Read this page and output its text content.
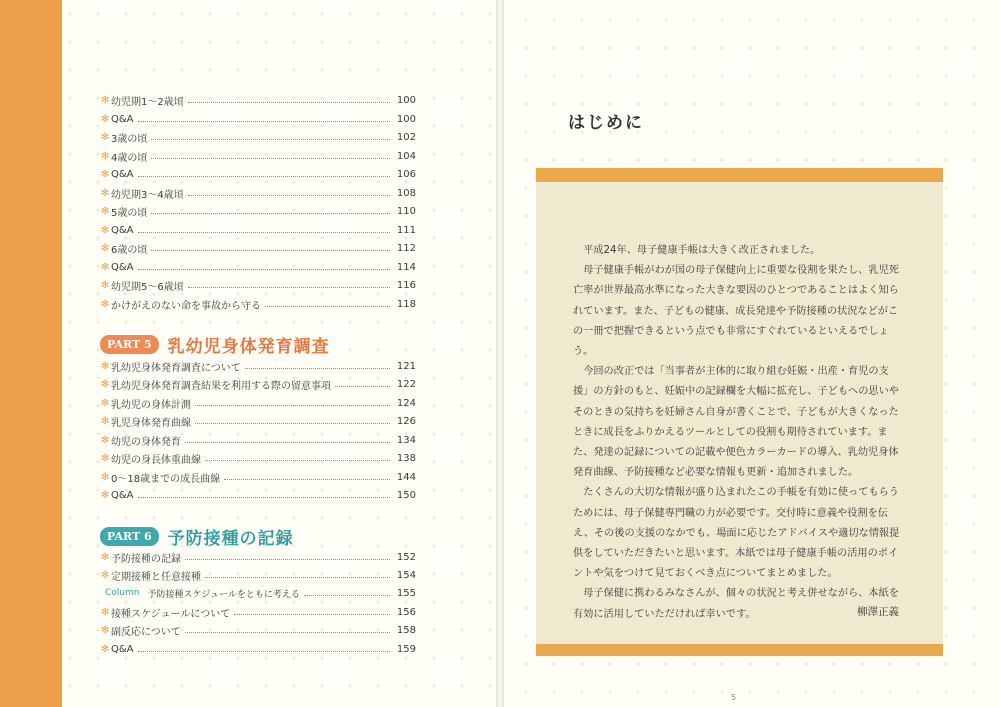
✻ 幼児期1～2歳頃	100
✻ Q&A	100
✻ 3歳の頃	102
✻ 4歳の頃	104
✻ Q&A	106
✻ 幼児期3～4歳頃	108
✻ 5歳の頃	110
✻ Q&A	111
✻ 6歳の頃	112
✻ Q&A	114
✻ 幼児期5～6歳頃	116
✻ かけがえのない命を事故から守る	118
PART 5 乳幼児身体発育調査
✻ 乳幼児身体発育調査について	121
✻ 乳幼児身体発育調査結果を利用する際の留意事項	122
✻ 乳幼児の身体計測	124
✻ 乳児身体発育曲線	126
✻ 幼児の身体発育	134
✻ 幼児の身長体重曲線	138
✻ 0～18歳までの成長曲線	144
✻ Q&A	150
PART 6 予防接種の記録
✻ 予防接種の記録	152
✻ 定期接種と任意接種	154
Column 予防接種スケジュールをともに考える	155
✻ 接種スケジュールについて	156
✻ 副反応について	158
✻ Q&A	159
はじめに

平成24年、母子健康手帳は大きく改正されました。

母子健康手帳がわが国の母子保健向上に重要な役割を果たし、乳児死亡率が世界最高水準になった大きな要因のひとつであることはよく知られています。また、子どもの健康、成長発達や予防接種の状況などがこの一冊で把握できるという点でも非常にすぐれているといえるでしょう。

今回の改正では「当事者が主体的に取り組む妊娠・出産・育児の支援」の方針のもと、妊娠中の記録欄を大幅に拡充し、子どもへの思いやそのときの気持ちを妊婦さん自身が書くことで、子どもが大きくなったときに成長をふりかえるツールとしての役割も期待されています。また、発達の記録についての記載や便色カラーカードの導入、乳幼児身体発育曲線、予防接種など必要な情報も更新・追加されました。

たくさんの大切な情報が盛り込まれたこの手帳を有効に使ってもらうためには、母子保健専門職の力が必要です。交付時に意義や役割を伝え、その後の支援のなかでも、場面に応じたアドバイスや適切な情報提供をしていただきたいと思います。本紙では母子健康手帳の活用のポイントや気をつけて見ておくべき点についてまとめました。

母子保健に携わるみなさんが、個々の状況と考え併せながら、本紙を有効に活用していただければ幸いです。	柳澤正義
5
